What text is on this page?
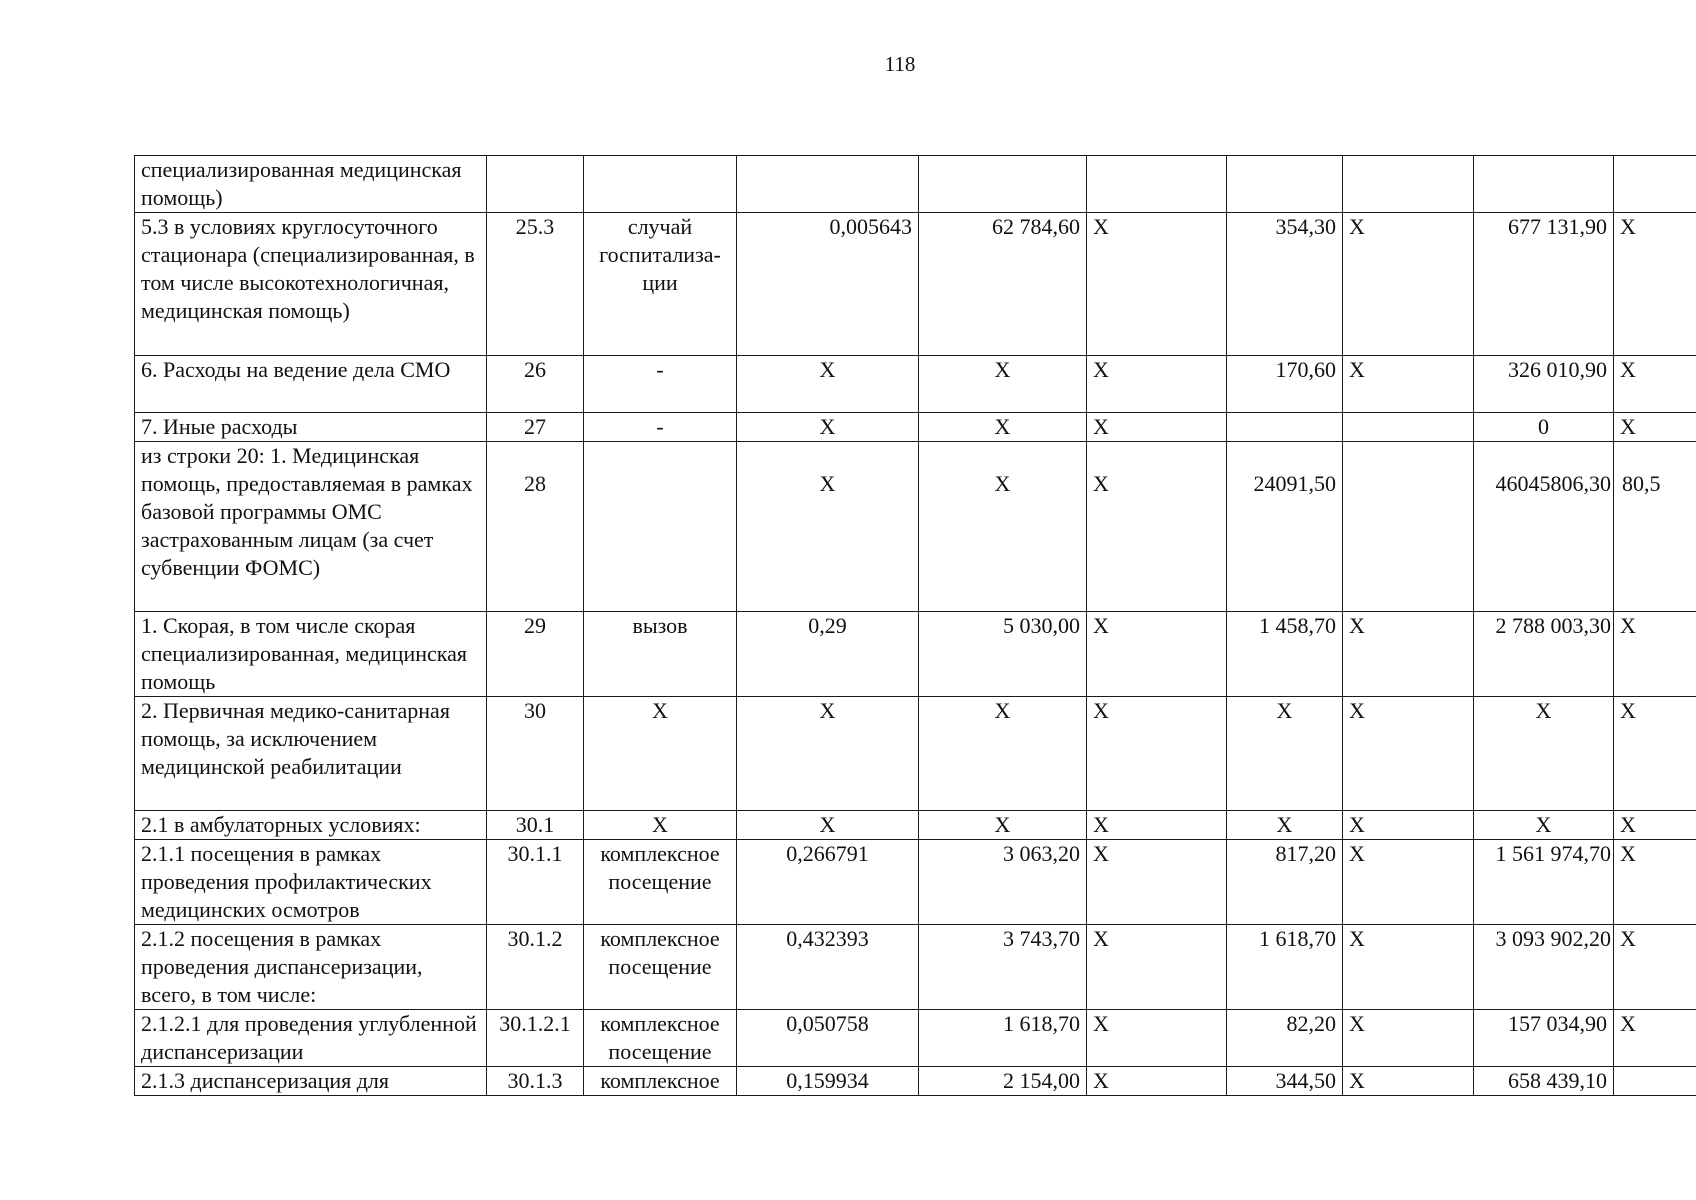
118
специализированная медицинская помощь)									
5.3 в условиях круглосуточного стационара (специализированная, в том числе высокотехнологичная, медицинская помощь)	25.3	случай госпитализа-ции	0,005643	62 784,60	Х	354,30	Х	677 131,90	Х
6. Расходы на ведение дела СМО	26	-	Х	Х	Х	170,60	Х	326 010,90	Х
7. Иные расходы	27	-	Х	Х	Х			0	Х
из строки 20: 1. Медицинская помощь, предоставляемая в рамках базовой программы ОМС застрахованным лицам (за счет субвенции ФОМС)	28		Х	Х	Х	24091,50		46045806,30	80,5
1. Скорая, в том числе скорая специализированная, медицинская помощь	29	вызов	0,29	5 030,00	Х	1 458,70	Х	2 788 003,30	Х
2. Первичная медико-санитарная помощь, за исключением медицинской реабилитации	30	Х	Х	Х	Х	Х	Х	Х	Х
2.1 в амбулаторных условиях:	30.1	Х	Х	Х	Х	Х	Х	Х	Х
2.1.1 посещения в рамках проведения профилактических медицинских осмотров	30.1.1	комплексное посещение	0,266791	3 063,20	Х	817,20	Х	1 561 974,70	Х
2.1.2 посещения в рамках проведения диспансеризации, всего, в том числе:	30.1.2	комплексное посещение	0,432393	3 743,70	Х	1 618,70	Х	3 093 902,20	Х
2.1.2.1 для проведения углубленной диспансеризации	30.1.2.1	комплексное посещение	0,050758	1 618,70	Х	82,20	Х	157 034,90	Х
2.1.3 диспансеризация для	30.1.3	комплексное	0,159934	2 154,00	Х	344,50	Х	658 439,10	
